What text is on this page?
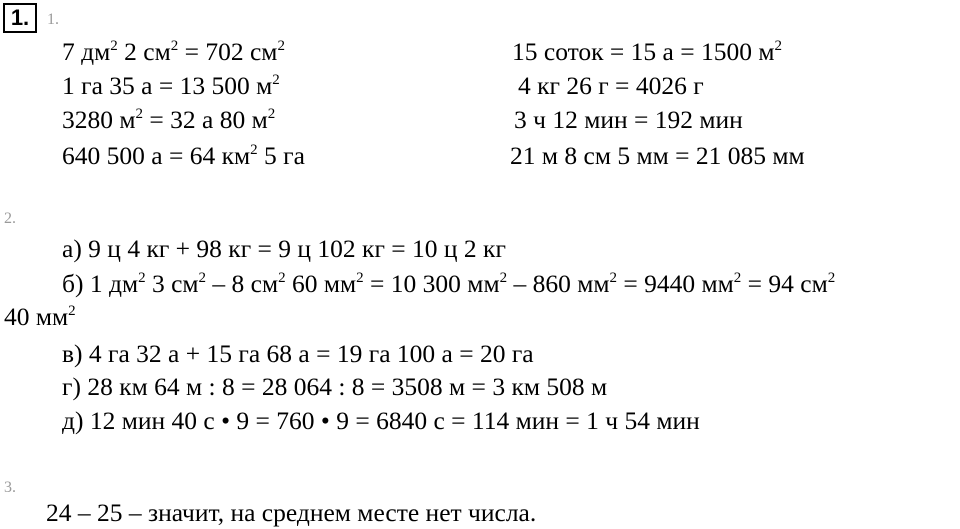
1.	1.
7 $дм^2$ 2 $см^2 = 702$ $см^2$
1 га 35 а = 13 500 $м^2$
3280 $м^2 = 32$ а 80 $м^2$
640 500 а = 64 $км^2$ 5 га
15 соток = 15 а = 1500 $м^2$
4 кг 26 г = 4026 г
3 ч 12 мин = 192 мин
21 м 8 см 5 мм = 21 085 мм
2.
а) 9 ц 4 кг + 98 кг = 9 ц 102 кг = 10 ц 2 кг
б) 1 $дм^2$ 3 $см^2 - 8$ $см^2$ 60 $мм^2 = 10$ 300 $мм^2 - 860$ $мм^2 = 9440$ $мм^2 = 94$ $см^2$
40 $мм^2$
в) 4 га 32 а + 15 га 68 а = 19 га 100 а = 20 га
г) 28 км 64 м : 8 = 28 064 : 8 = 3508 м = 3 км 508 м
д) 12 мин 40 с • 9 = 760 • 9 = 6840 с = 114 мин = 1 ч 54 мин
3.
24 – 25 – значит, на среднем месте нет числа.
